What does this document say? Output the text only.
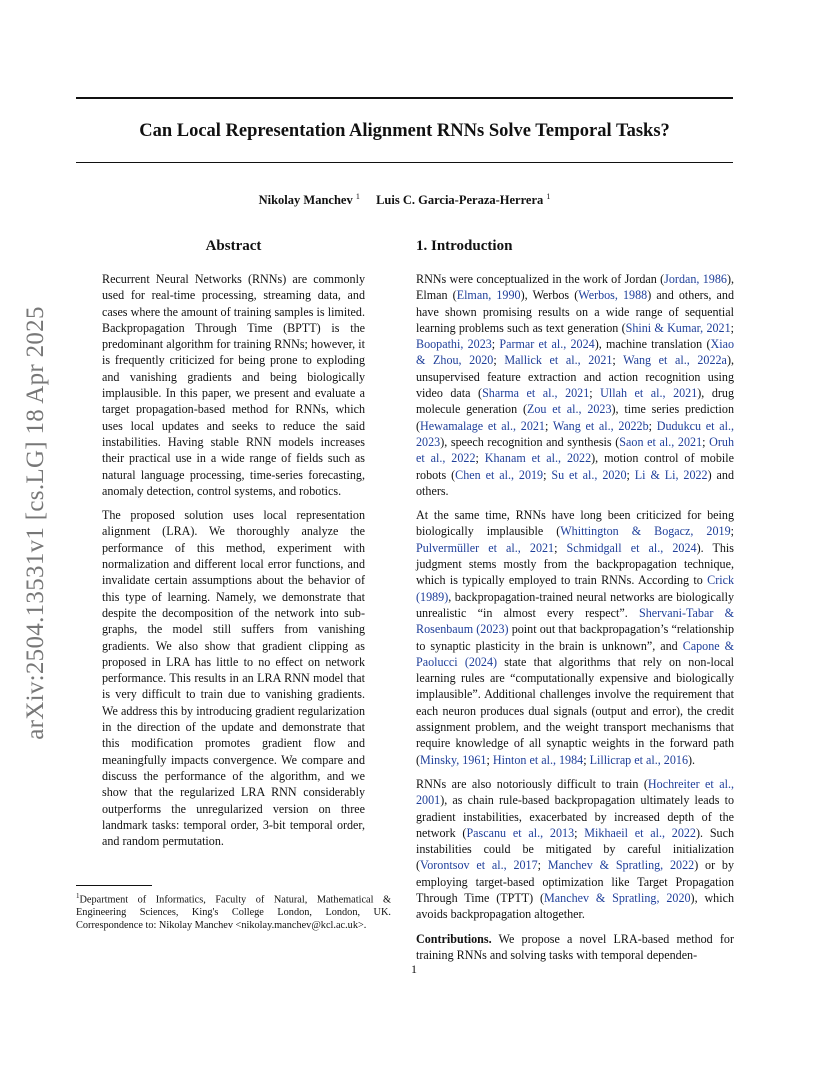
Can Local Representation Alignment RNNs Solve Temporal Tasks?
Nikolay Manchev $^1$ Luis C. Garcia-Peraza-Herrera $^1$
arXiv:2504.13531v1 [cs.LG] 18 Apr 2025
Abstract

Recurrent Neural Networks (RNNs) are commonly used for real-time processing, streaming data, and cases where the amount of training samples is limited. Backpropagation Through Time (BPTT) is the predominant algorithm for training RNNs; however, it is frequently criticized for being prone to exploding and vanishing gradients and being biologically implausible. In this paper, we present and evaluate a target propagation-based method for RNNs, which uses local updates and seeks to reduce the said instabilities. Having stable RNN models increases their practical use in a wide range of fields such as natural language processing, time-series forecasting, anomaly detection, control systems, and robotics.

The proposed solution uses local representation alignment (LRA). We thoroughly analyze the performance of this method, experiment with normalization and different local error functions, and invalidate certain assumptions about the behavior of this type of learning. Namely, we demonstrate that despite the decomposition of the network into sub-graphs, the model still suffers from vanishing gradients. We also show that gradient clipping as proposed in LRA has little to no effect on network performance. This results in an LRA RNN model that is very difficult to train due to vanishing gradients. We address this by introducing gradient regularization in the direction of the update and demonstrate that this modification promotes gradient flow and meaningfully impacts convergence. We compare and discuss the performance of the algorithm, and we show that the regularized LRA RNN considerably outperforms the unregularized version on three landmark tasks: temporal order, 3-bit temporal order, and random permutation.

$^1$Department of Informatics, Faculty of Natural, Mathematical & Engineering Sciences, King's College London, London, UK. Correspondence to: Nikolay Manchev <nikolay.manchev@kcl.ac.uk>.
1. Introduction

RNNs were conceptualized in the work of Jordan (Jordan, 1986), Elman (Elman, 1990), Werbos (Werbos, 1988) and others, and have shown promising results on a wide range of sequential learning problems such as text generation (Shini & Kumar, 2021; Boopathi, 2023; Parmar et al., 2024), machine translation (Xiao & Zhou, 2020; Mallick et al., 2021; Wang et al., 2022a), unsupervised feature extraction and action recognition using video data (Sharma et al., 2021; Ullah et al., 2021), drug molecule generation (Zou et al., 2023), time series prediction (Hewamalage et al., 2021; Wang et al., 2022b; Dudukcu et al., 2023), speech recognition and synthesis (Saon et al., 2021; Oruh et al., 2022; Khanam et al., 2022), motion control of mobile robots (Chen et al., 2019; Su et al., 2020; Li & Li, 2022) and others.

At the same time, RNNs have long been criticized for being biologically implausible (Whittington & Bogacz, 2019; Pulvermüller et al., 2021; Schmidgall et al., 2024). This judgment stems mostly from the backpropagation technique, which is typically employed to train RNNs. According to Crick (1989), backpropagation-trained neural networks are biologically unrealistic “in almost every respect”. Shervani-Tabar & Rosenbaum (2023) point out that backpropagation’s “relationship to synaptic plasticity in the brain is unknown”, and Capone & Paolucci (2024) state that algorithms that rely on non-local learning rules are “computationally expensive and biologically implausible”. Additional challenges involve the requirement that each neuron produces dual signals (output and error), the credit assignment problem, and the weight transport mechanisms that require knowledge of all synaptic weights in the forward path (Minsky, 1961; Hinton et al., 1984; Lillicrap et al., 2016).

RNNs are also notoriously difficult to train (Hochreiter et al., 2001), as chain rule-based backpropagation ultimately leads to gradient instabilities, exacerbated by increased depth of the network (Pascanu et al., 2013; Mikhaeil et al., 2022). Such instabilities could be mitigated by careful initialization (Vorontsov et al., 2017; Manchev & Spratling, 2022) or by employing target-based optimization like Target Propagation Through Time (TPTT) (Manchev & Spratling, 2020), which avoids backpropagation altogether.

Contributions. We propose a novel LRA-based method for training RNNs and solving tasks with temporal dependen-

1
